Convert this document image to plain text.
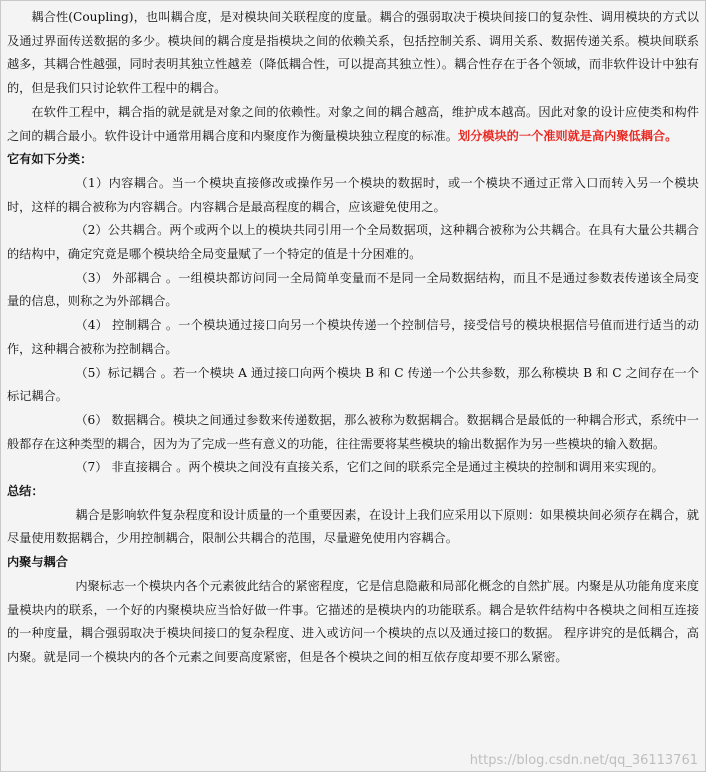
耦合性(Coupling)，也叫耦合度，是对模块间关联程度的度量。耦合的强弱取决于模块间接口的复杂性、调用模块的方式以及通过界面传送数据的多少。模块间的耦合度是指模块之间的依赖关系，包括控制关系、调用关系、数据传递关系。模块间联系越多，其耦合性越强，同时表明其独立性越差（降低耦合性，可以提高其独立性）。耦合性存在于各个领域，而非软件设计中独有的，但是我们只讨论软件工程中的耦合。

在软件工程中，耦合指的就是就是对象之间的依赖性。对象之间的耦合越高，维护成本越高。因此对象的设计应使类和构件之间的耦合最小。软件设计中通常用耦合度和内聚度作为衡量模块独立程度的标准。划分模块的一个准则就是高内聚低耦合。

它有如下分类：

（1）内容耦合。当一个模块直接修改或操作另一个模块的数据时，或一个模块不通过正常入口而转入另一个模块时，这样的耦合被称为内容耦合。内容耦合是最高程度的耦合，应该避免使用之。

（2）公共耦合。两个或两个以上的模块共同引用一个全局数据项，这种耦合被称为公共耦合。在具有大量公共耦合的结构中，确定究竟是哪个模块给全局变量赋了一个特定的值是十分困难的。

（3） 外部耦合 。一组模块都访问同一全局简单变量而不是同一全局数据结构，而且不是通过参数表传递该全局变量的信息，则称之为外部耦合。

（4） 控制耦合 。一个模块通过接口向另一个模块传递一个控制信号，接受信号的模块根据信号值而进行适当的动作，这种耦合被称为控制耦合。

（5）标记耦合 。若一个模块 A 通过接口向两个模块 B 和 C 传递一个公共参数，那么称模块 B 和 C 之间存在一个标记耦合。

（6） 数据耦合。模块之间通过参数来传递数据，那么被称为数据耦合。数据耦合是最低的一种耦合形式，系统中一般都存在这种类型的耦合，因为为了完成一些有意义的功能，往往需要将某些模块的输出数据作为另一些模块的输入数据。

（7） 非直接耦合 。两个模块之间没有直接关系，它们之间的联系完全是通过主模块的控制和调用来实现的。

总结：

耦合是影响软件复杂程度和设计质量的一个重要因素，在设计上我们应采用以下原则：如果模块间必须存在耦合，就尽量使用数据耦合，少用控制耦合，限制公共耦合的范围，尽量避免使用内容耦合。

内聚与耦合

内聚标志一个模块内各个元素彼此结合的紧密程度，它是信息隐蔽和局部化概念的自然扩展。内聚是从功能角度来度量模块内的联系，一个好的内聚模块应当恰好做一件事。它描述的是模块内的功能联系。耦合是软件结构中各模块之间相互连接的一种度量，耦合强弱取决于模块间接口的复杂程度、进入或访问一个模块的点以及通过接口的数据。 程序讲究的是低耦合，高内聚。就是同一个模块内的各个元素之间要高度紧密，但是各个模块之间的相互依存度却要不那么紧密。

https://blog.csdn.net/qq_36113761
